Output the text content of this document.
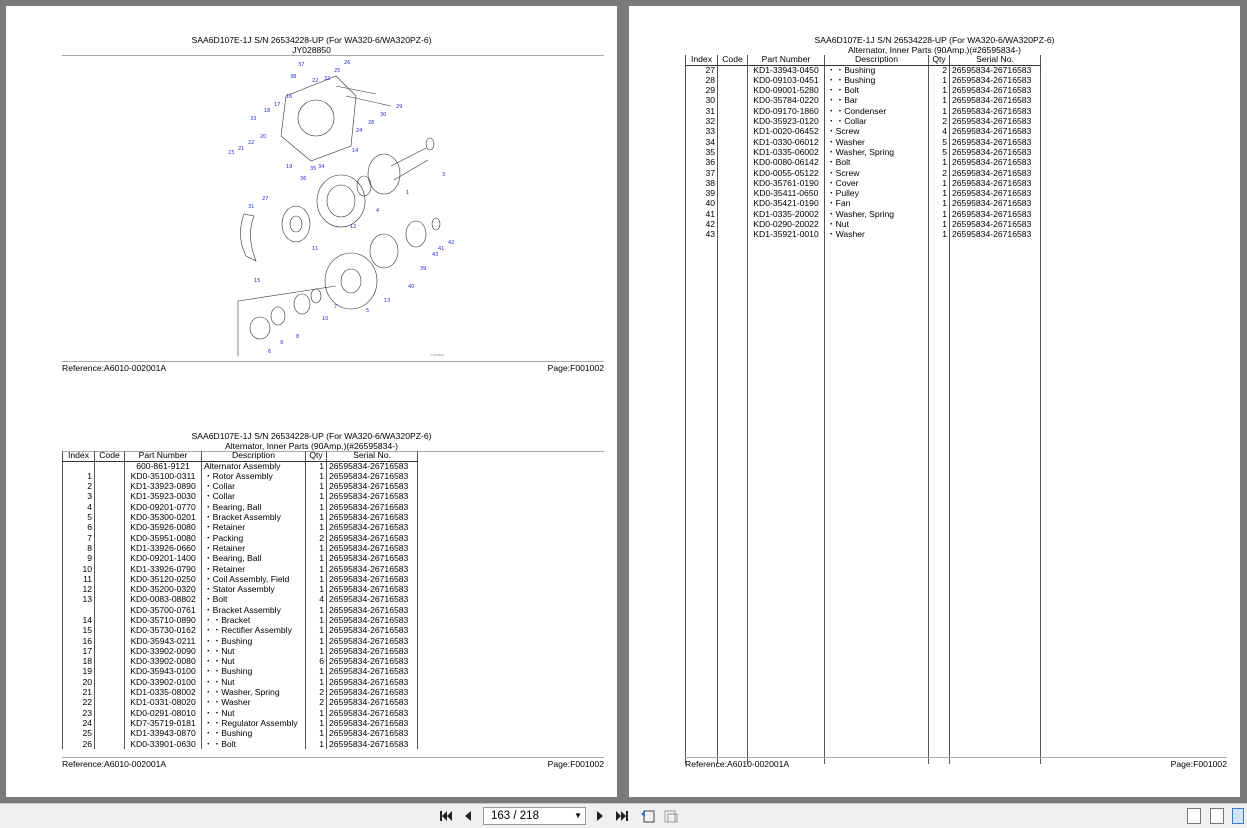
SAA6D107E-1J S/N 26534228-UP (For WA320-6/WA320PZ-6)
JY028850
37
38
25
26
32
22
29
30
18
17
16
33
20
24
28
22
21
23
19	35 34
14
36
3
1
31
27
4
12
11
15
43
42
41
39
40
13
5
10
7
8
9
6	JY028850
Reference:A6010-002001A	Page:F001002
SAA6D107E-1J S/N 26534228-UP (For WA320-6/WA320PZ-6)
Alternator, Inner Parts (90Amp.)(#26595834-)
Index	Code	Part Number	Description	Qty	Serial No.
		600-861-9121	Alternator Assembly	1	26595834-26716583
1		KD0-35100-0311	・Rotor Assembly	1	26595834-26716583
2		KD1-33923-0890	・Collar	1	26595834-26716583
3		KD1-35923-0030	・Collar	1	26595834-26716583
4		KD0-09201-0770	・Bearing, Ball	1	26595834-26716583
5		KD0-35300-0201	・Bracket Assembly	1	26595834-26716583
6		KD0-35926-0080	・Retainer	1	26595834-26716583
7		KD0-35951-0080	・Packing	2	26595834-26716583
8		KD1-33926-0660	・Retainer	1	26595834-26716583
9		KD0-09201-1400	・Bearing, Ball	1	26595834-26716583
10		KD1-33926-0790	・Retainer	1	26595834-26716583
11		KD0-35120-0250	・Coil Assembly, Field	1	26595834-26716583
12		KD0-35200-0320	・Stator Assembly	1	26595834-26716583
13		KD0-0083-08802	・Bolt	4	26595834-26716583
		KD0-35700-0761	・Bracket Assembly	1	26595834-26716583
14		KD0-35710-0890	・・Bracket	1	26595834-26716583
15		KD0-35730-0162	・・Rectifier Assembly	1	26595834-26716583
16		KD0-35943-0211	・・Bushing	1	26595834-26716583
17		KD0-33902-0090	・・Nut	1	26595834-26716583
18		KD0-33902-0080	・・Nut	6	26595834-26716583
19		KD0-35943-0100	・・Bushing	1	26595834-26716583
20		KD0-33902-0100	・・Nut	1	26595834-26716583
21		KD1-0335-08002	・・Washer, Spring	2	26595834-26716583
22		KD1-0331-08020	・・Washer	2	26595834-26716583
23		KD0-0291-08010	・・Nut	1	26595834-26716583
24		KD7-35719-0181	・・Regulator Assembly	1	26595834-26716583
25		KD1-33943-0870	・・Bushing	1	26595834-26716583
26		KD0-33901-0630	・・Bolt	1	26595834-26716583
Reference:A6010-002001A	Page:F001002
SAA6D107E-1J S/N 26534228-UP (For WA320-6/WA320PZ-6)
Alternator, Inner Parts (90Amp.)(#26595834-)
Index	Code	Part Number	Description	Qty	Serial No.
27		KD1-33943-0450	・・Bushing	2	26595834-26716583
28		KD0-09103-0451	・・Bushing	1	26595834-26716583
29		KD0-09001-5280	・・Bolt	1	26595834-26716583
30		KD0-35784-0220	・・Bar	1	26595834-26716583
31		KD0-09170-1860	・・Condenser	1	26595834-26716583
32		KD0-35923-0120	・・Collar	2	26595834-26716583
33		KD1-0020-06452	・Screw	4	26595834-26716583
34		KD1-0330-06012	・Washer	5	26595834-26716583
35		KD1-0335-06002	・Washer, Spring	5	26595834-26716583
36		KD0-0080-06142	・Bolt	1	26595834-26716583
37		KD0-0055-05122	・Screw	2	26595834-26716583
38		KD0-35761-0190	・Cover	1	26595834-26716583
39		KD0-35411-0650	・Pulley	1	26595834-26716583
40		KD0-35421-0190	・Fan	1	26595834-26716583
41		KD1-0335-20002	・Washer, Spring	1	26595834-26716583
42		KD0-0290-20022	・Nut	1	26595834-26716583
43		KD1-35921-0010	・Washer	1	26595834-26716583

Reference:A6010-002001A	Page:F001002
163 / 218	▼
